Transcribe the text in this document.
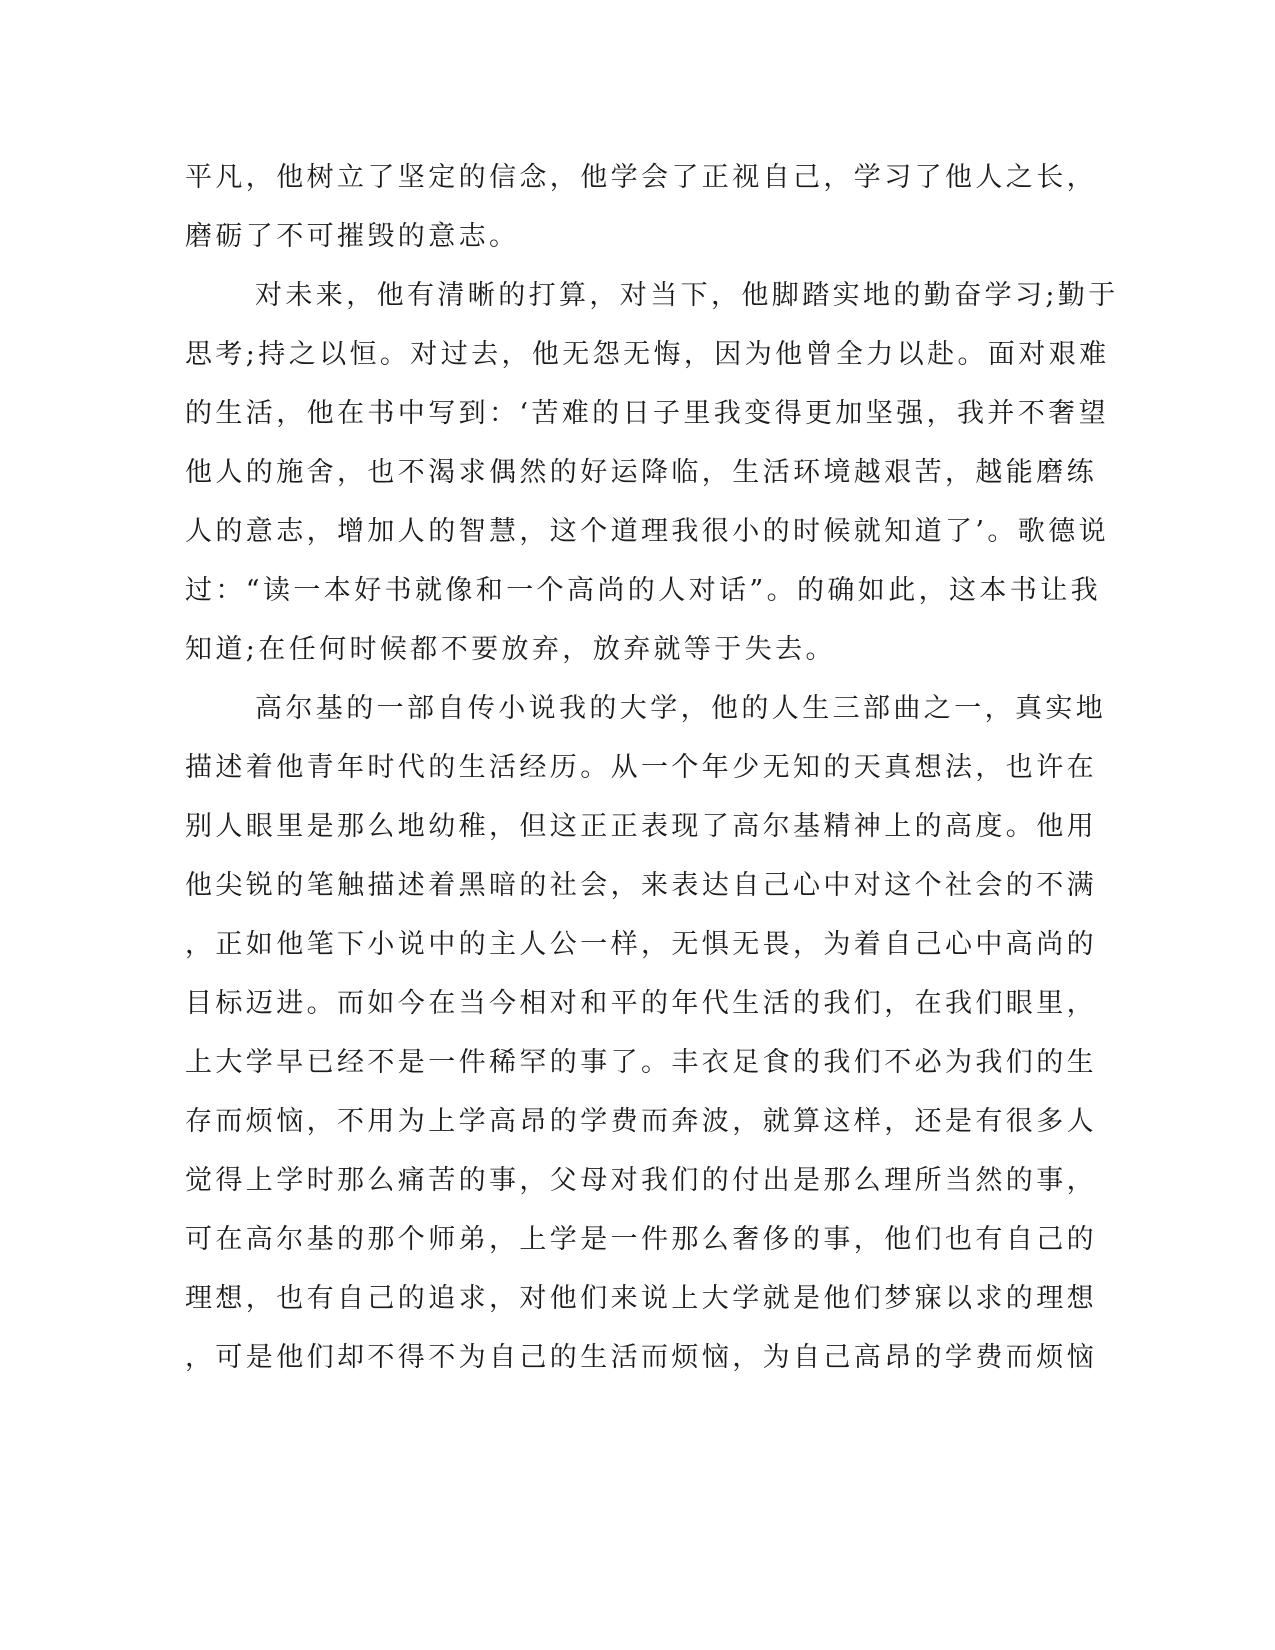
平凡，他树立了坚定的信念，他学会了正视自己，学习了他人之长，
磨砺了不可摧毁的意志。
对未来，他有清晰的打算，对当下，他脚踏实地的勤奋学习;勤于
思考;持之以恒。对过去，他无怨无悔，因为他曾全力以赴。面对艰难
的生活，他在书中写到：‘苦难的日子里我变得更加坚强，我并不奢望
他人的施舍，也不渴求偶然的好运降临，生活环境越艰苦，越能磨练
人的意志，增加人的智慧，这个道理我很小的时候就知道了’。歌德说
过：“读一本好书就像和一个高尚的人对话”。的确如此，这本书让我
知道;在任何时候都不要放弃，放弃就等于失去。
高尔基的一部自传小说我的大学，他的人生三部曲之一，真实地
描述着他青年时代的生活经历。从一个年少无知的天真想法，也许在
别人眼里是那么地幼稚，但这正正表现了高尔基精神上的高度。他用
他尖锐的笔触描述着黑暗的社会，来表达自己心中对这个社会的不满
，正如他笔下小说中的主人公一样，无惧无畏，为着自己心中高尚的
目标迈进。而如今在当今相对和平的年代生活的我们，在我们眼里，
上大学早已经不是一件稀罕的事了。丰衣足食的我们不必为我们的生
存而烦恼，不用为上学高昂的学费而奔波，就算这样，还是有很多人
觉得上学时那么痛苦的事，父母对我们的付出是那么理所当然的事，
可在高尔基的那个师弟，上学是一件那么奢侈的事，他们也有自己的
理想，也有自己的追求，对他们来说上大学就是他们梦寐以求的理想
，可是他们却不得不为自己的生活而烦恼，为自己高昂的学费而烦恼
